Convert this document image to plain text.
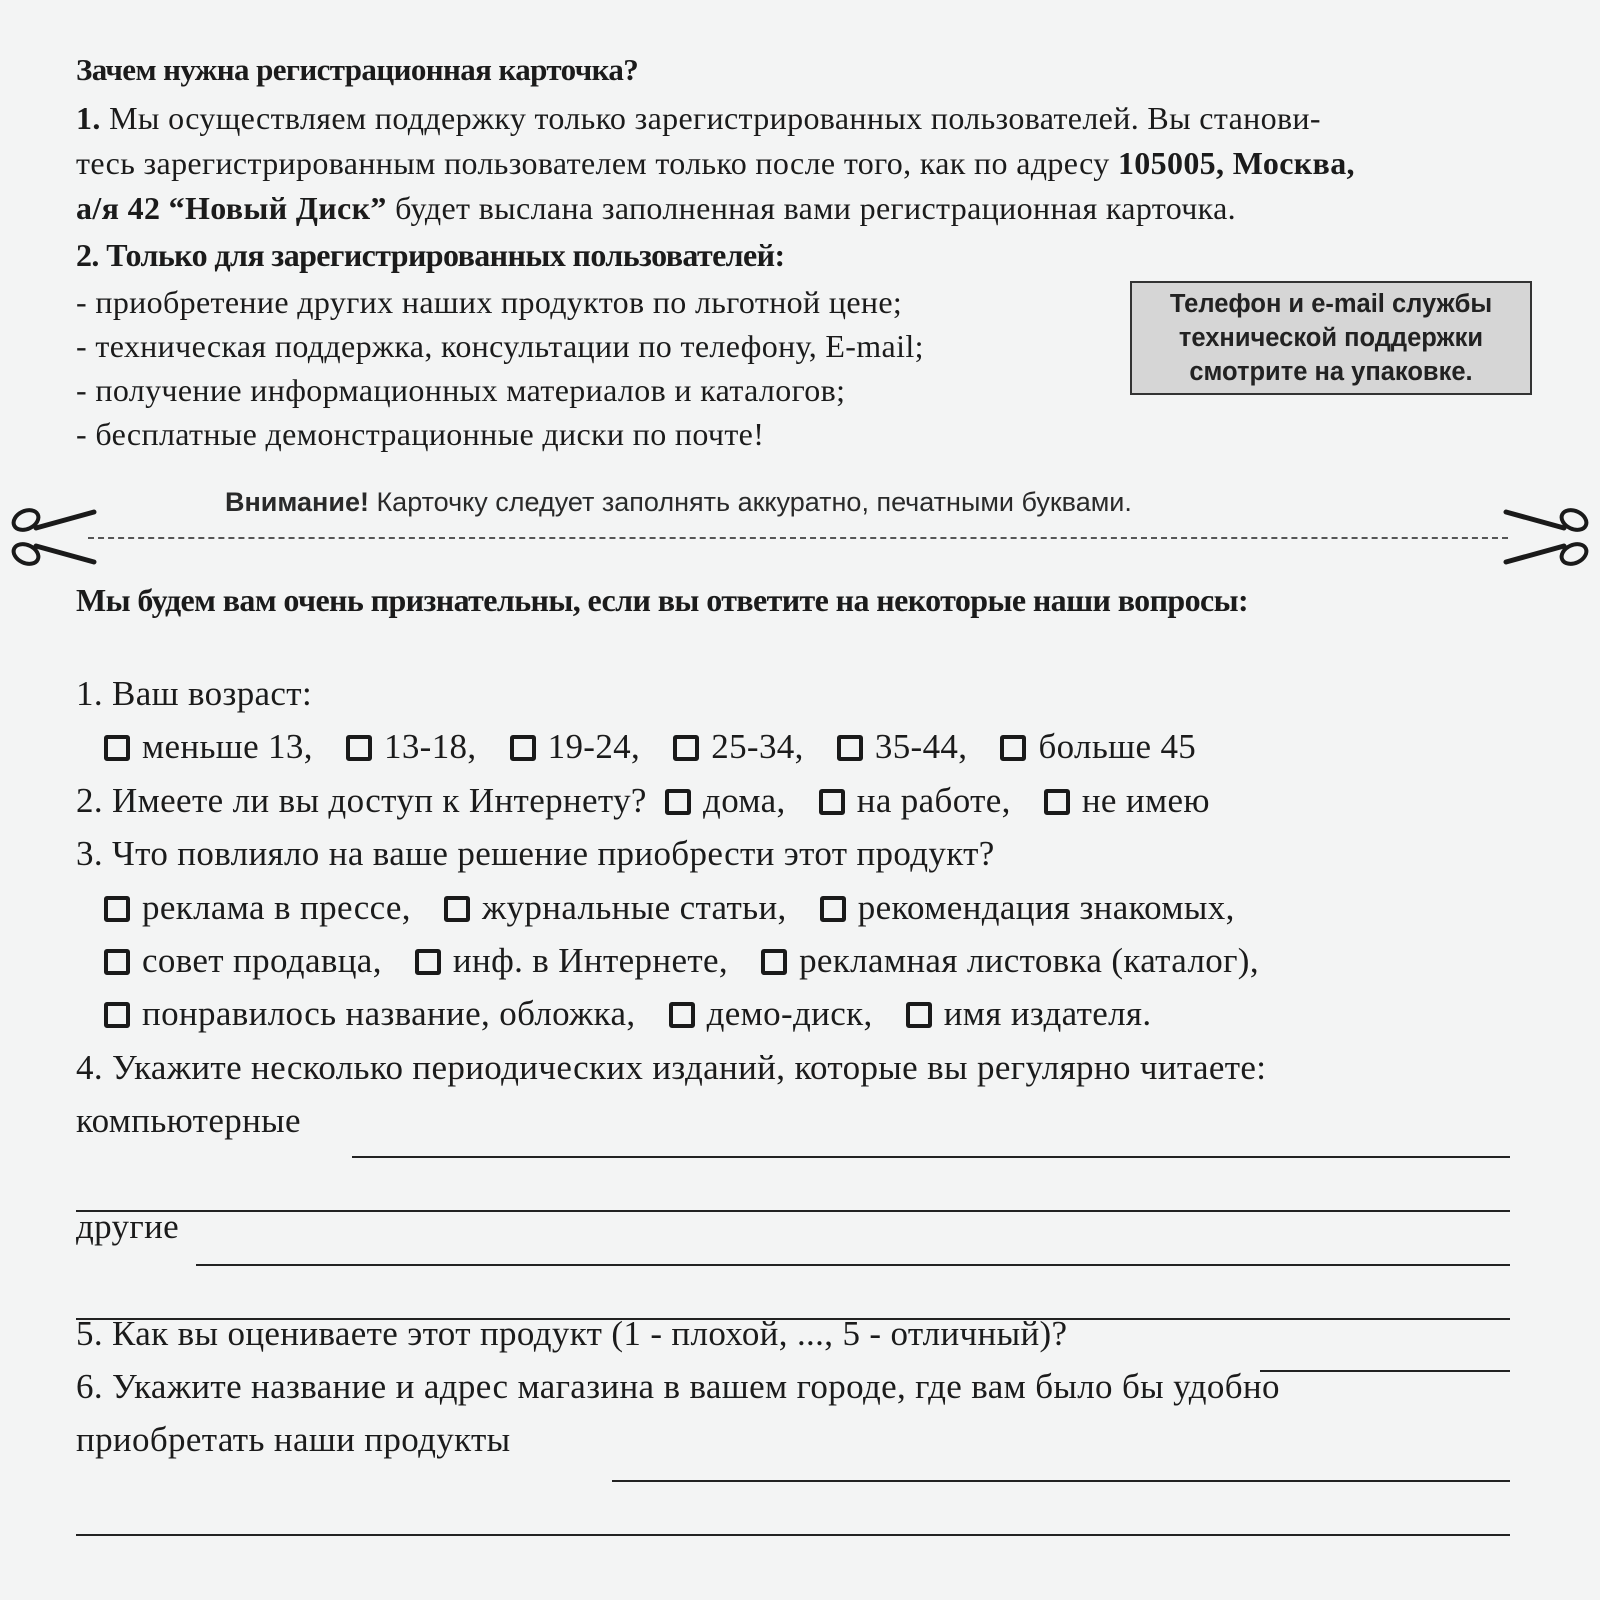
Зачем нужна регистрационная карточка?
1. Мы осуществляем поддержку только зарегистрированных пользователей. Вы станови-
тесь зарегистрированным пользователем только после того, как по адресу 105005, Москва,
а/я 42 “Новый Диск” будет выслана заполненная вами регистрационная карточка.
2. Только для зарегистрированных пользователей:
- приобретение других наших продуктов по льготной цене;
- техническая поддержка, консультации по телефону, E-mail;
- получение информационных материалов и каталогов;
- бесплатные демонстрационные диски по почте!
Телефон и e-mail службы
технической поддержки
смотрите на упаковке.
Внимание! Карточку следует заполнять аккуратно, печатными буквами.
Мы будем вам очень признательны, если вы ответите на некоторые наши вопросы:
1. Ваш возраст:
меньше 13, 13-18, 19-24, 25-34, 35-44, больше 45
2. Имеете ли вы доступ к Интернету? дома, на работе, не имею
3. Что повлияло на ваше решение приобрести этот продукт?
реклама в прессе, журнальные статьи, рекомендация знакомых,
совет продавца, инф. в Интернете, рекламная листовка (каталог),
понравилось название, обложка, демо-диск, имя издателя.
4. Укажите несколько периодических изданий, которые вы регулярно читаете:
компьютерные
другие
5. Как вы оцениваете этот продукт (1 - плохой, ..., 5 - отличный)?
6. Укажите название и адрес магазина в вашем городе, где вам было бы удобно
приобретать наши продукты
